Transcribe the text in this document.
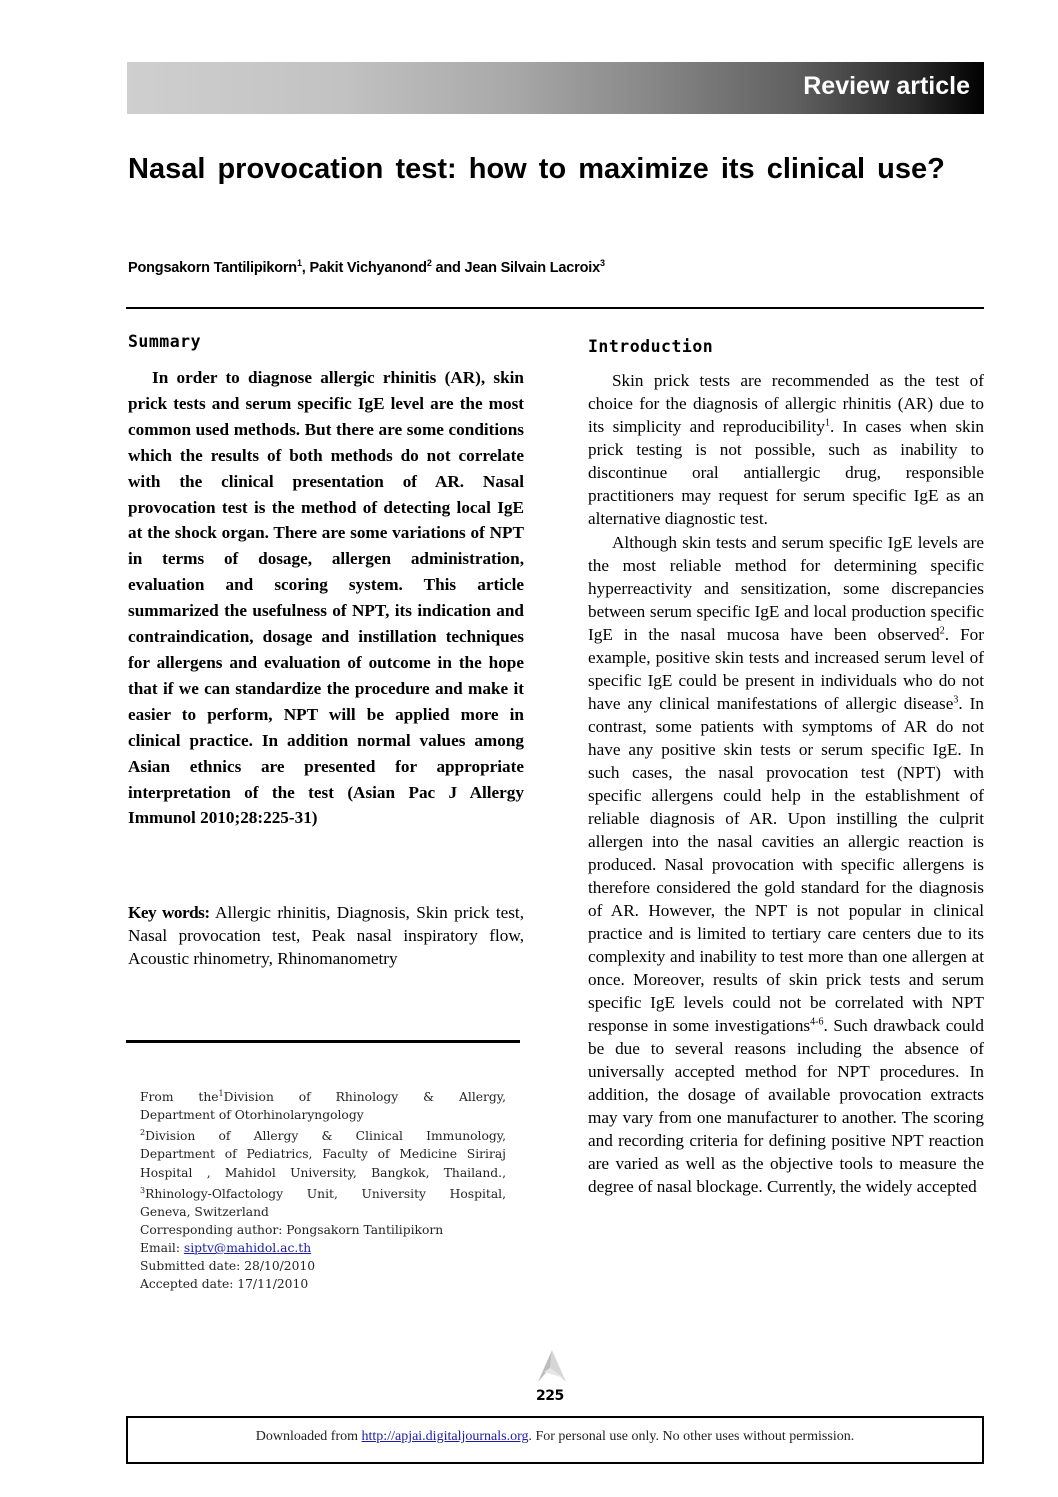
Review article
Nasal provocation test: how to maximize its clinical use?
Pongsakorn Tantilipikorn$^1$, Pakit Vichyanond$^2$ and Jean Silvain Lacroix$^3$
Summary

In order to diagnose allergic rhinitis (AR), skin prick tests and serum specific IgE level are the most common used methods. But there are some conditions which the results of both methods do not correlate with the clinical presentation of AR. Nasal provocation test is the method of detecting local IgE at the shock organ. There are some variations of NPT in terms of dosage, allergen administration, evaluation and scoring system. This article summarized the usefulness of NPT, its indication and contraindication, dosage and instillation techniques for allergens and evaluation of outcome in the hope that if we can standardize the procedure and make it easier to perform, NPT will be applied more in clinical practice. In addition normal values among Asian ethnics are presented for appropriate interpretation of the test (Asian Pac J Allergy Immunol 2010;28:225-31)

Key words: Allergic rhinitis, Diagnosis, Skin prick test, Nasal provocation test, Peak nasal inspiratory flow, Acoustic rhinometry, Rhinomanometry

From the$^1$Division of Rhinology & Allergy,
Department of Otorhinolaryngology
$^2$Division of Allergy & Clinical Immunology,
Department of Pediatrics, Faculty of Medicine Siriraj
Hospital , Mahidol University, Bangkok, Thailand.,
$^3$Rhinology-Olfactology Unit, University Hospital,
Geneva, Switzerland
Corresponding author: Pongsakorn Tantilipikorn
Email: siptv@mahidol.ac.th
Submitted date: 28/10/2010
Accepted date: 17/11/2010
Introduction

Skin prick tests are recommended as the test of choice for the diagnosis of allergic rhinitis (AR) due to its simplicity and reproducibility$^1$. In cases when skin prick testing is not possible, such as inability to discontinue oral antiallergic drug, responsible practitioners may request for serum specific IgE as an alternative diagnostic test.

Although skin tests and serum specific IgE levels are the most reliable method for determining specific hyperreactivity and sensitization, some discrepancies between serum specific IgE and local production specific IgE in the nasal mucosa have been observed$^2$. For example, positive skin tests and increased serum level of specific IgE could be present in individuals who do not have any clinical manifestations of allergic disease$^3$. In contrast, some patients with symptoms of AR do not have any positive skin tests or serum specific IgE. In such cases, the nasal provocation test (NPT) with specific allergens could help in the establishment of reliable diagnosis of AR. Upon instilling the culprit allergen into the nasal cavities an allergic reaction is produced. Nasal provocation with specific allergens is therefore considered the gold standard for the diagnosis of AR. However, the NPT is not popular in clinical practice and is limited to tertiary care centers due to its complexity and inability to test more than one allergen at once. Moreover, results of skin prick tests and serum specific IgE levels could not be correlated with NPT response in some investigations$^{4-6}$. Such drawback could be due to several reasons including the absence of universally accepted method for NPT procedures. In addition, the dosage of available provocation extracts may vary from one manufacturer to another. The scoring and recording criteria for defining positive NPT reaction are varied as well as the objective tools to measure the degree of nasal blockage. Currently, the widely accepted

225
Downloaded from http://apjai.digitaljournals.org. For personal use only. No other uses without permission.
